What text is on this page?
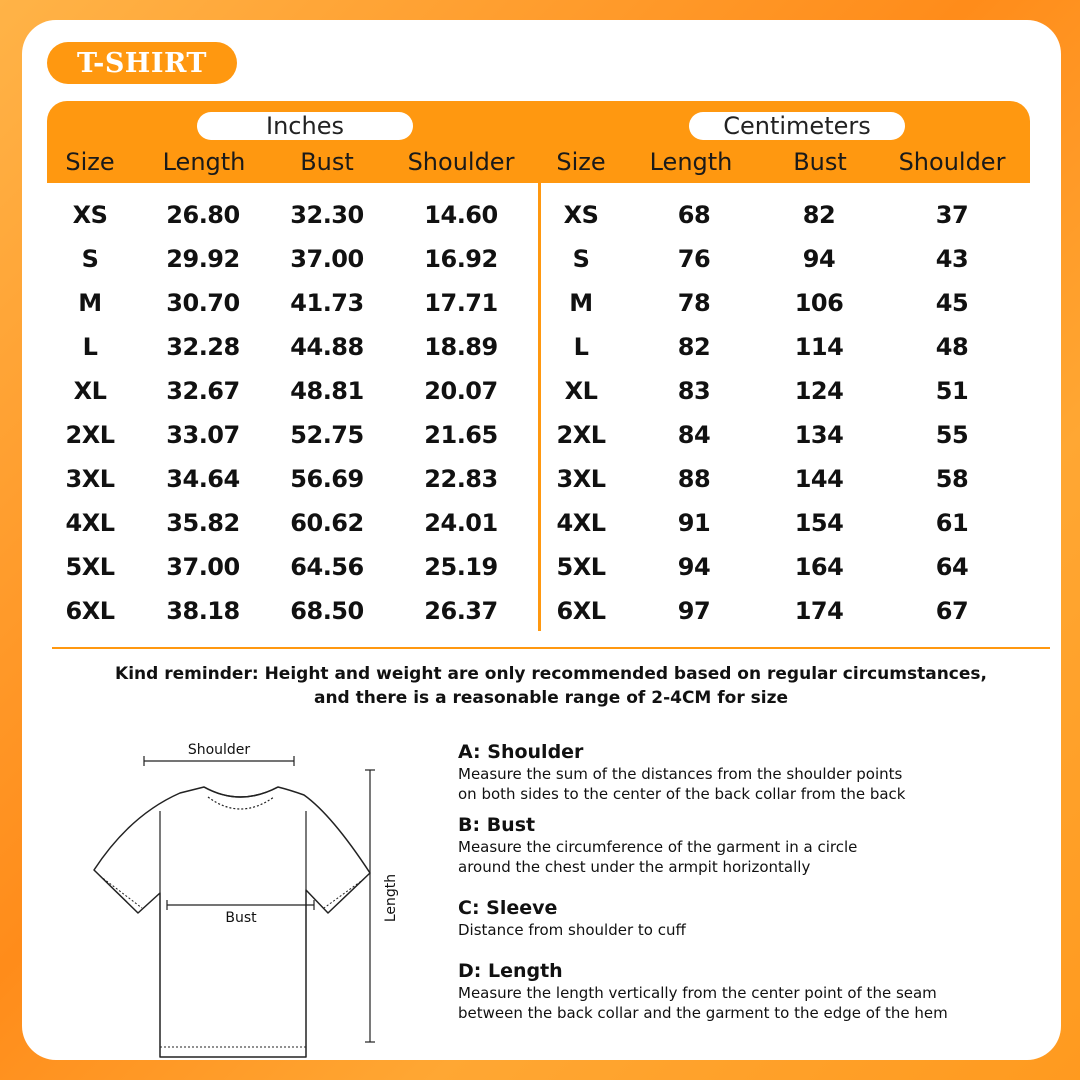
T-SHIRT
Inches	Centimeters
Size Length Bust Shoulder Size Length	Bust Shoulder
XS 26.80 32.30	14.60	XS	68	82	37
S	29.92 37.00	16.92	S	76	94	43
M	30.70 41.73	17.71	M	78	106	45
L	32.28 44.88	18.89	L	82	114	48
XL 32.67 48.81	20.07	XL	83	124	51
2XL 33.07 52.75	21.65 2XL	84	134	55
3XL 34.64 56.69	22.83 3XL	88	144	58
4XL 35.82 60.62	24.01 4XL	91	154	61
5XL 37.00 64.56	25.19 5XL	94	164	64
6XL 38.18 68.50	26.37 6XL	97	174	67
Kind reminder: Height and weight are only recommended based on regular circumstances,
and there is a reasonable range of 2-4CM for size
Shoulder
Bust	Length
A: Shoulder
Measure the sum of the distances from the shoulder points
on both sides to the center of the back collar from the back
B: Bust
Measure the circumference of the garment in a circle
around the chest under the armpit horizontally
C: Sleeve
Distance from shoulder to cuff
D: Length
Measure the length vertically from the center point of the seam
between the back collar and the garment to the edge of the hem
